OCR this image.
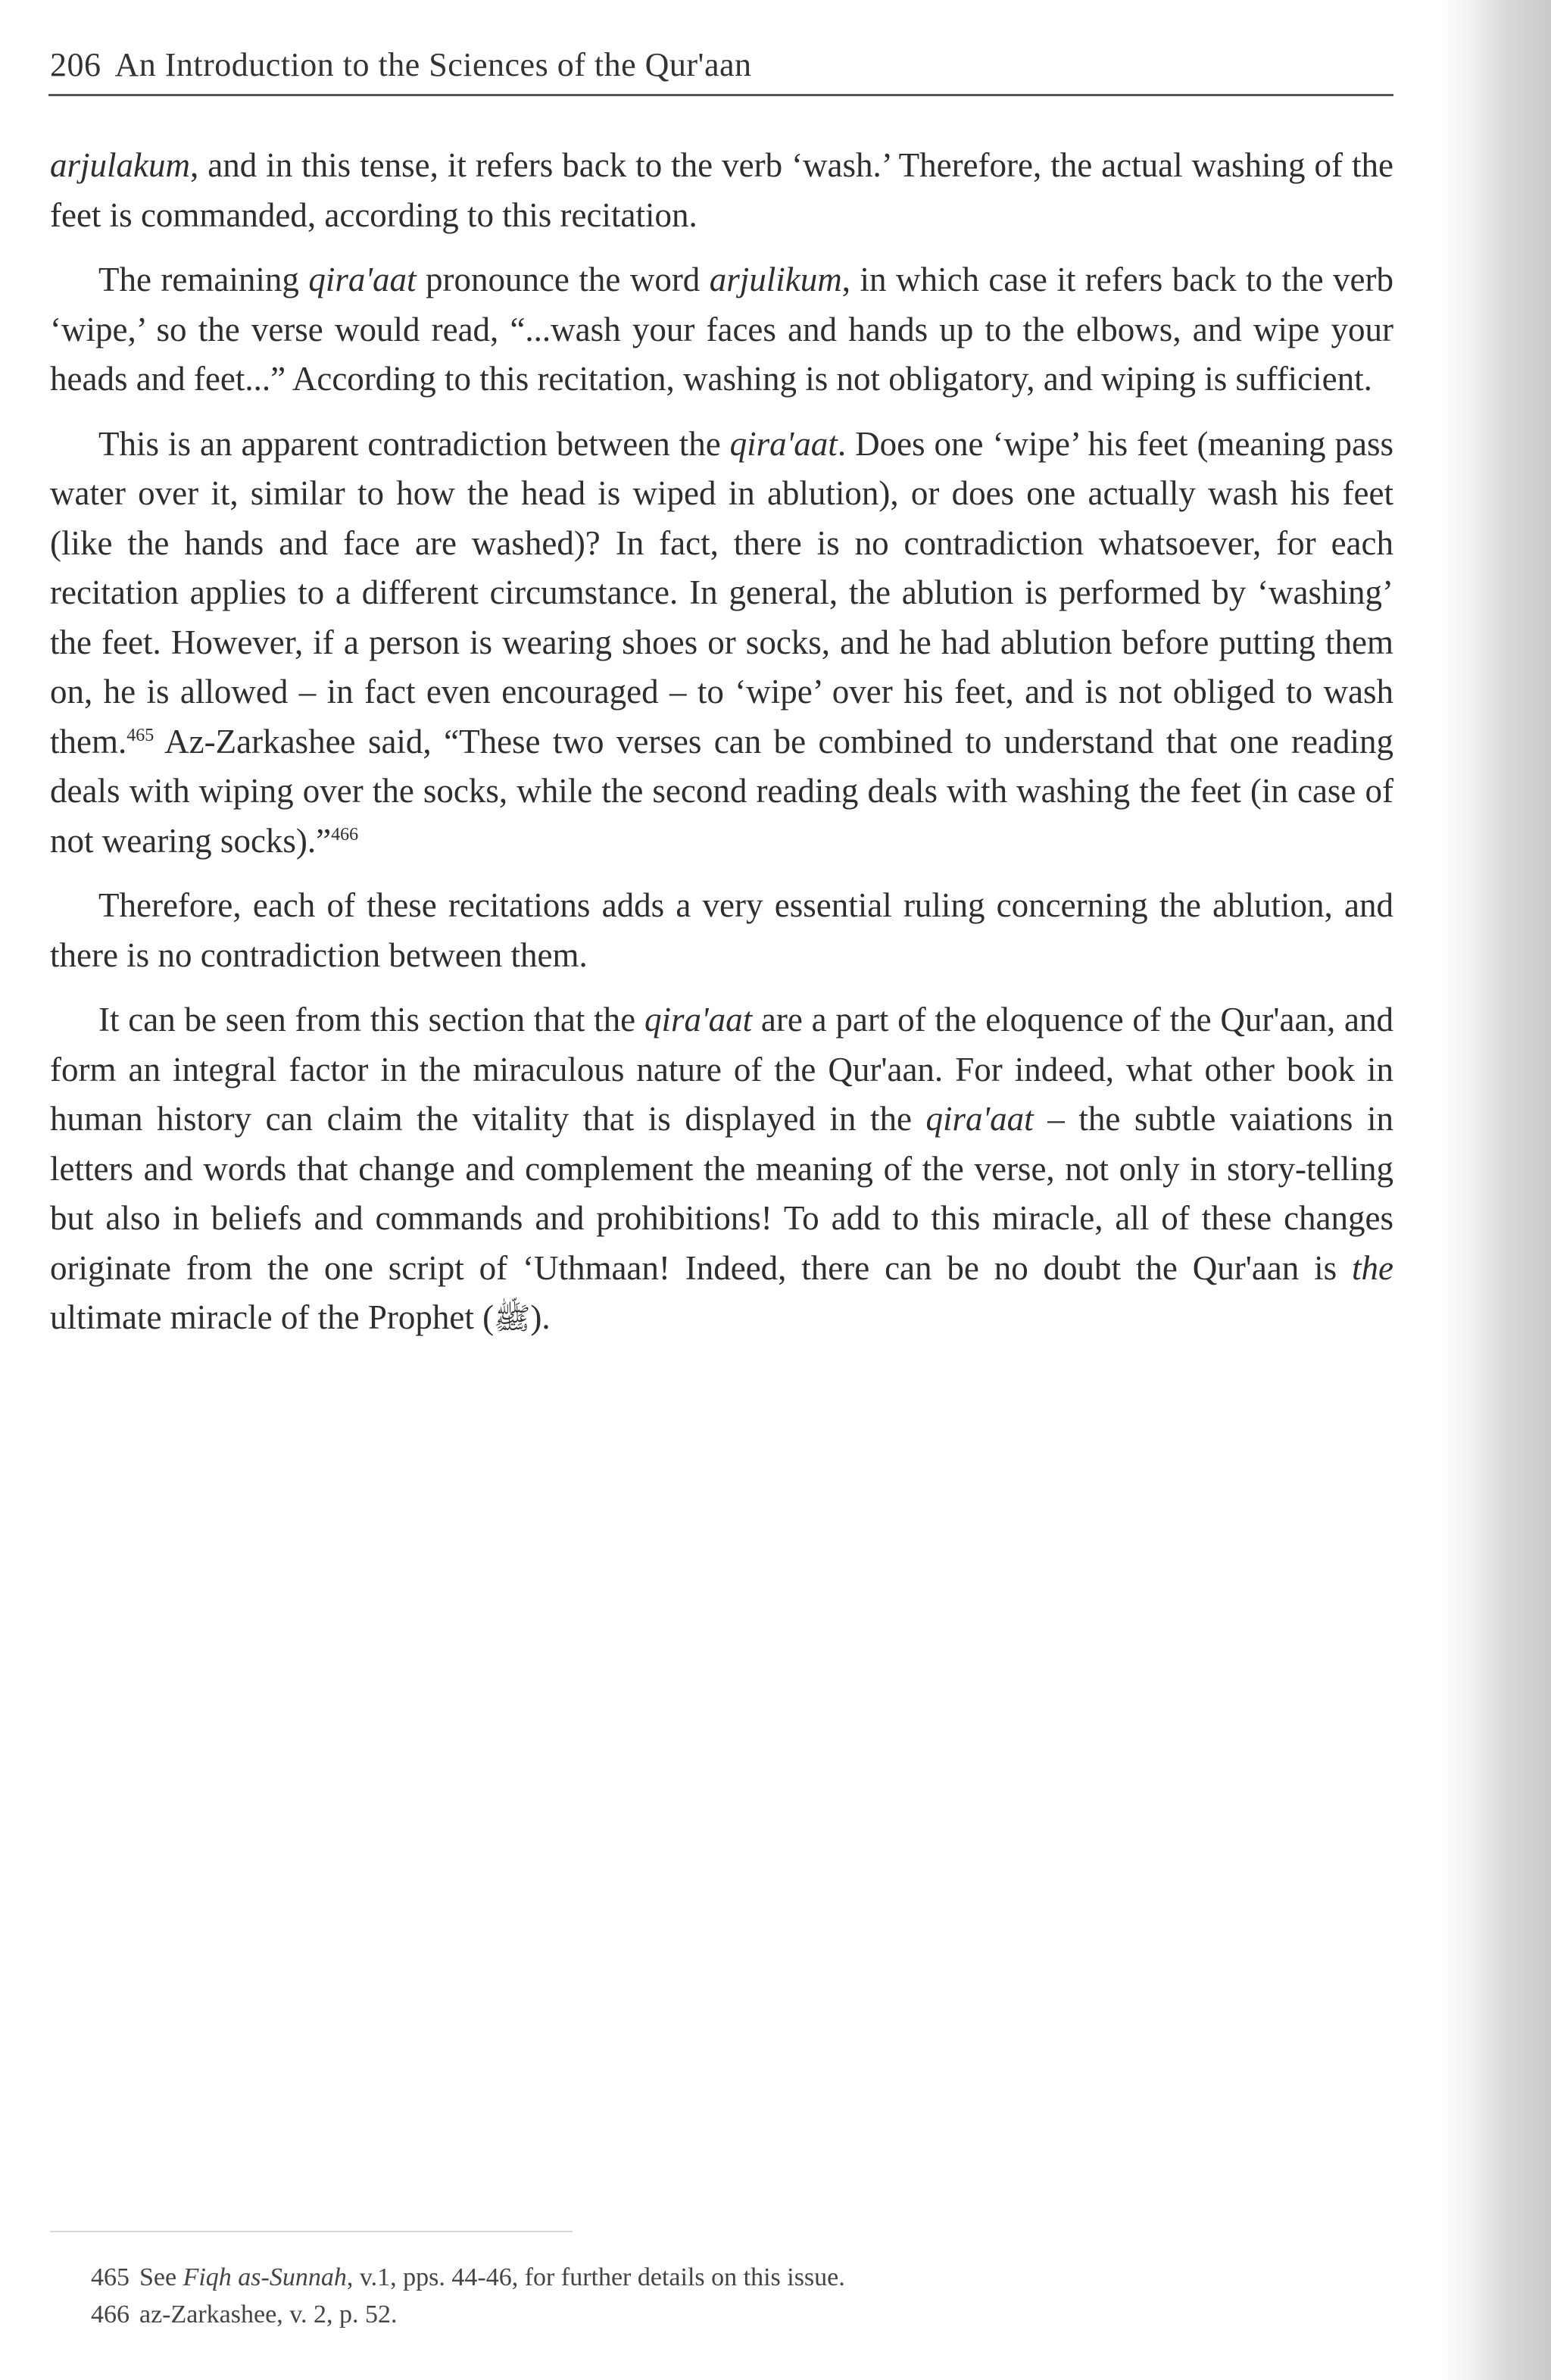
206 An Introduction to the Sciences of the Qur'aan

arjulakum, and in this tense, it refers back to the verb ‘wash.’ Therefore, the actual washing of the feet is commanded, according to this recitation.

The remaining qira'aat pronounce the word arjulikum, in which case it refers back to the verb ‘wipe,’ so the verse would read, “...wash your faces and hands up to the elbows, and wipe your heads and feet...” According to this recitation, washing is not obligatory, and wiping is sufficient.

This is an apparent contradiction between the qira'aat. Does one ‘wipe’ his feet (meaning pass water over it, similar to how the head is wiped in ablution), or does one actually wash his feet (like the hands and face are washed)? In fact, there is no contradiction whatsoever, for each recitation applies to a different circumstance. In general, the ablution is performed by ‘washing’ the feet. However, if a person is wearing shoes or socks, and he had ablution before putting them on, he is allowed – in fact even encouraged – to ‘wipe’ over his feet, and is not obliged to wash them.$^{465}$ Az-Zarkashee said, “These two verses can be combined to understand that one reading deals with wiping over the socks, while the second reading deals with washing the feet (in case of not wearing socks).”$^{466}$

Therefore, each of these recitations adds a very essential ruling concerning the ablution, and there is no contradiction between them.

It can be seen from this section that the qira'aat are a part of the eloquence of the Qur'aan, and form an integral factor in the miraculous nature of the Qur'aan. For indeed, what other book in human history can claim the vitality that is displayed in the qira'aat – the subtle vaiations in letters and words that change and complement the meaning of the verse, not only in story-telling but also in beliefs and commands and prohibitions! To add to this miracle, all of these changes originate from the one script of ‘Uthmaan! Indeed, there can be no doubt the Qur'aan is the ultimate miracle of the Prophet (ﷺ).

465 See Fiqh as-Sunnah, v.1, pps. 44-46, for further details on this issue.
466 az-Zarkashee, v. 2, p. 52.
